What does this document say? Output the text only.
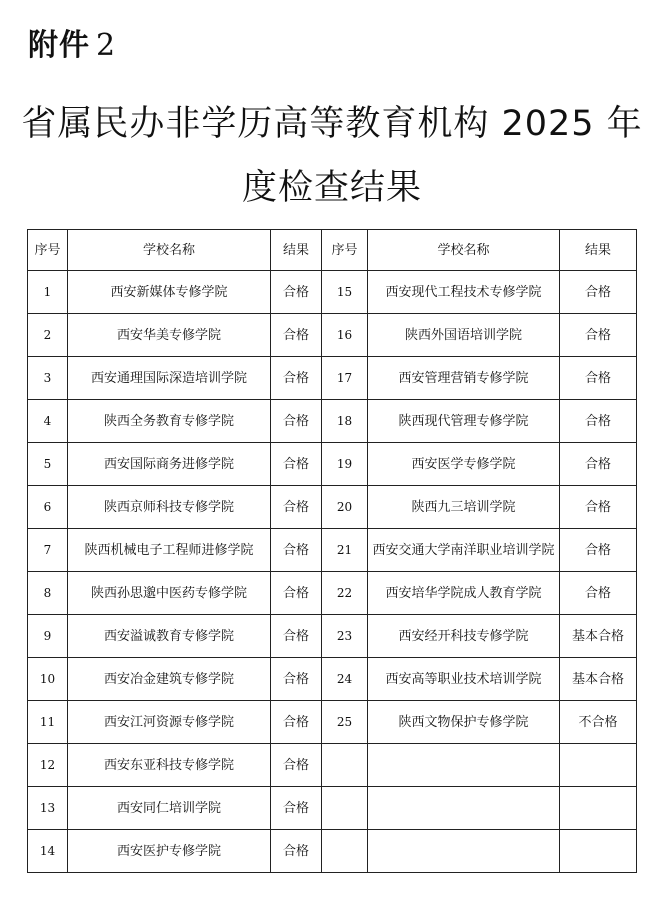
附件 2
省属民办非学历高等教育机构 2025 年
度检查结果
序号	学校名称	结果	序号	学校名称	结果
1	西安新媒体专修学院	合格	15	西安现代工程技术专修学院	合格
2	西安华美专修学院	合格	16	陕西外国语培训学院	合格
3	西安通理国际深造培训学院	合格	17	西安管理营销专修学院	合格
4	陕西全务教育专修学院	合格	18	陕西现代管理专修学院	合格
5	西安国际商务进修学院	合格	19	西安医学专修学院	合格
6	陕西京师科技专修学院	合格	20	陕西九三培训学院	合格
7	陕西机械电子工程师进修学院	合格	21	西安交通大学南洋职业培训学院	合格
8	陕西孙思邈中医药专修学院	合格	22	西安培华学院成人教育学院	合格
9	西安溢诚教育专修学院	合格	23	西安经开科技专修学院	基本合格
10	西安冶金建筑专修学院	合格	24	西安高等职业技术培训学院	基本合格
11	西安江河资源专修学院	合格	25	陕西文物保护专修学院	不合格
12	西安东亚科技专修学院	合格			
13	西安同仁培训学院	合格			
14	西安医护专修学院	合格			
